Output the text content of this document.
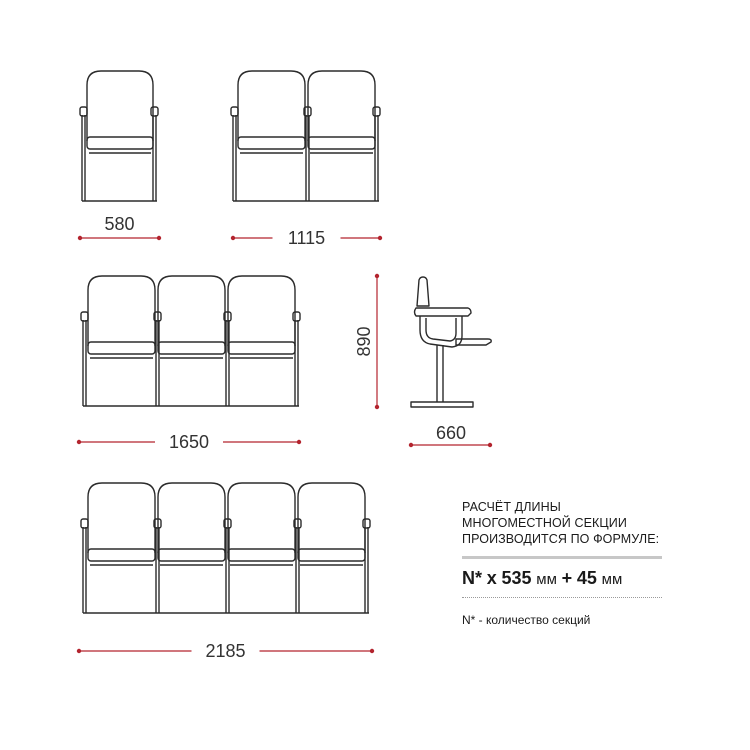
580
1115
1650
2185
890
660
РАСЧЁТ ДЛИНЫ
МНОГОМЕСТНОЙ СЕКЦИИ
ПРОИЗВОДИТСЯ ПО ФОРМУЛЕ:
N* x 535 мм + 45 мм
N* - количество секций
